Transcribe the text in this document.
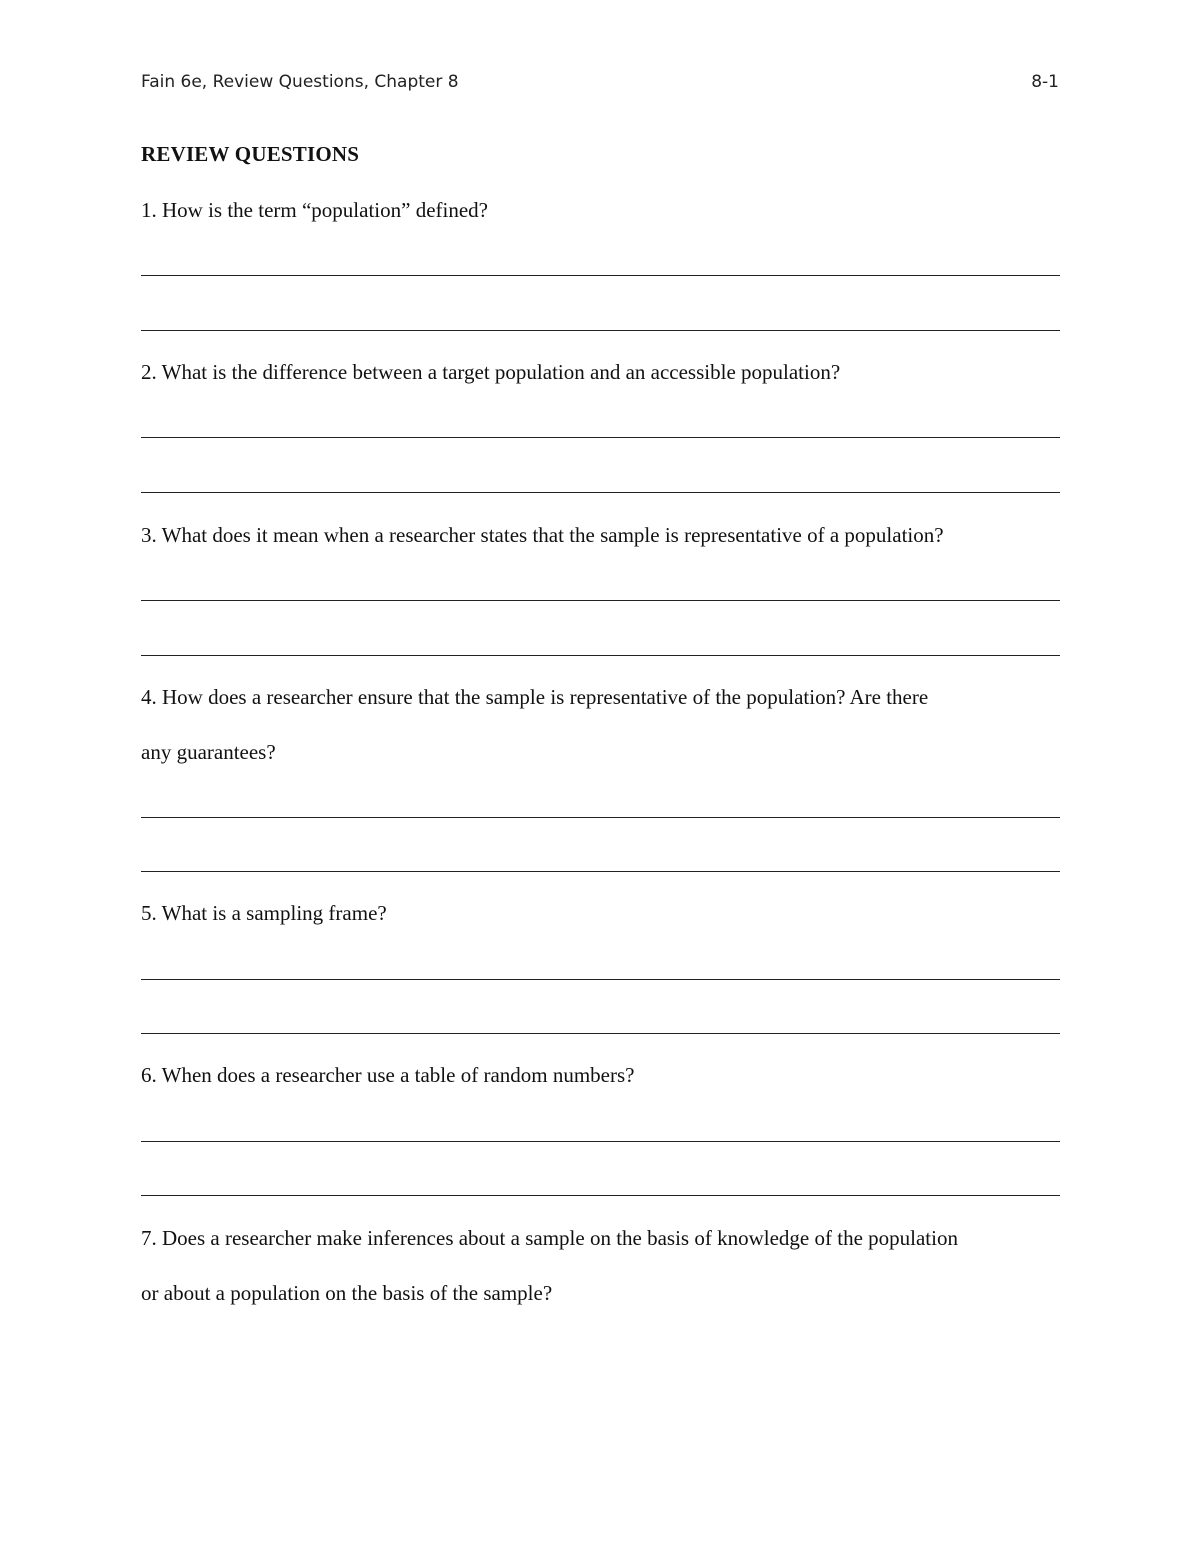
Fain 6e, Review Questions, Chapter 8	8-1
REVIEW QUESTIONS
1. How is the term “population” defined?
2. What is the difference between a target population and an accessible population?
3. What does it mean when a researcher states that the sample is representative of a population?
4. How does a researcher ensure that the sample is representative of the population? Are there
any guarantees?
5. What is a sampling frame?
6. When does a researcher use a table of random numbers?
7. Does a researcher make inferences about a sample on the basis of knowledge of the population
or about a population on the basis of the sample?
